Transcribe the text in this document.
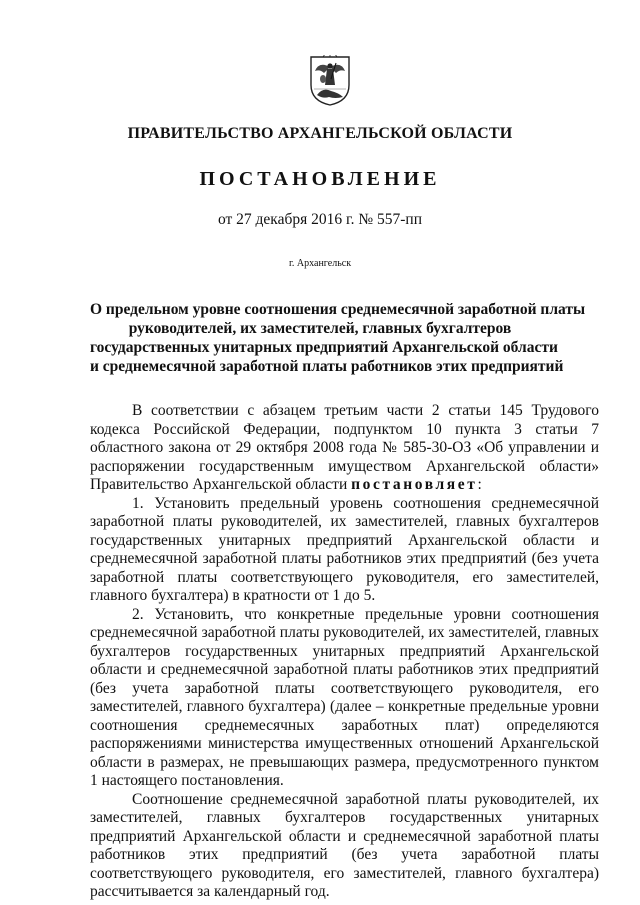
ПРАВИТЕЛЬСТВО АРХАНГЕЛЬСКОЙ ОБЛАСТИ
ПОСТАНОВЛЕНИЕ
от 27 декабря 2016 г. № 557-пп
г. Архангельск
О предельном уровне соотношения среднемесячной заработной платы
руководителей, их заместителей, главных бухгалтеров
государственных унитарных предприятий Архангельской области
и среднемесячной заработной платы работников этих предприятий

В соответствии с абзацем третьим части 2 статьи 145 Трудового кодекса Российской Федерации, подпунктом 10 пункта 3 статьи 7 областного закона от 29 октября 2008 года № 585-30-ОЗ «Об управлении и распоряжении государственным имуществом Архангельской области» Правительство Архангельской области постановляет:

1. Установить предельный уровень соотношения среднемесячной заработной платы руководителей, их заместителей, главных бухгалтеров государственных унитарных предприятий Архангельской области и среднемесячной заработной платы работников этих предприятий (без учета заработной платы соответствующего руководителя, его заместителей, главного бухгалтера) в кратности от 1 до 5.

2. Установить, что конкретные предельные уровни соотношения среднемесячной заработной платы руководителей, их заместителей, главных бухгалтеров государственных унитарных предприятий Архангельской области и среднемесячной заработной платы работников этих предприятий (без учета заработной платы соответствующего руководителя, его заместителей, главного бухгалтера) (далее – конкретные предельные уровни соотношения среднемесячных заработных плат) определяются распоряжениями министерства имущественных отношений Архангельской области в размерах, не превышающих размера, предусмотренного пунктом 1 настоящего постановления.

Соотношение среднемесячной заработной платы руководителей, их заместителей, главных бухгалтеров государственных унитарных предприятий Архангельской области и среднемесячной заработной платы работников этих предприятий (без учета заработной платы соответствующего руководителя, его заместителей, главного бухгалтера) рассчитывается за календарный год.
